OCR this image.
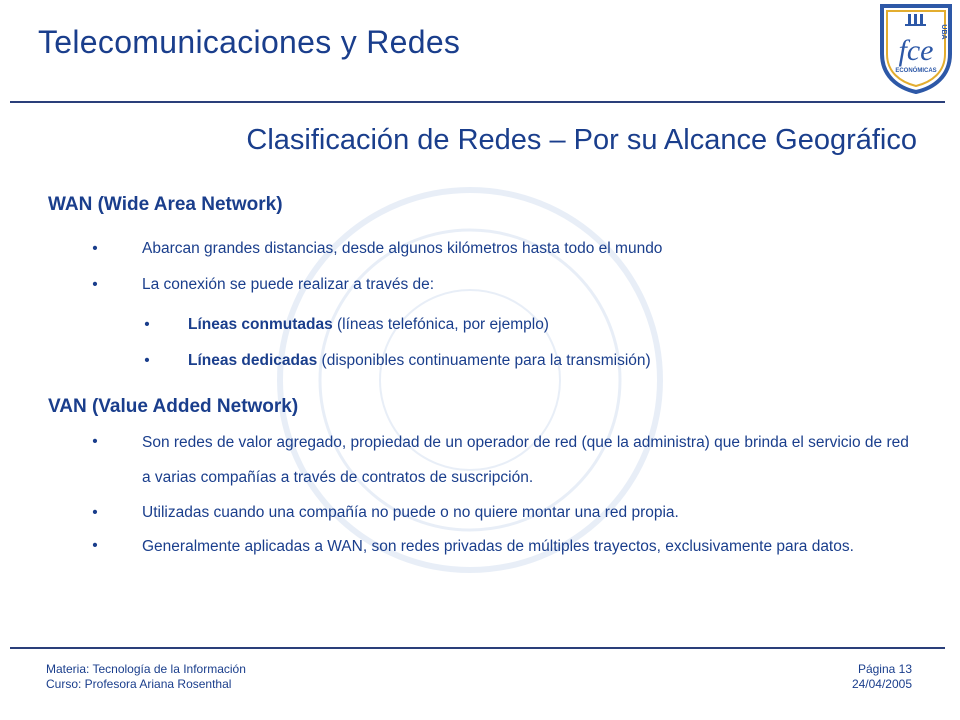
Telecomunicaciones y Redes	UBA
fce
ECONÓMICAS
Clasificación de Redes – Por su Alcance Geográfico
WAN (Wide Area Network)
•	Abarcan grandes distancias, desde algunos kilómetros hasta todo el mundo
•	La conexión se puede realizar a través de:
• Líneas conmutadas (líneas telefónica, por ejemplo)
• Líneas dedicadas (disponibles continuamente para la transmisión)
VAN (Value Added Network)
•	Son redes de valor agregado, propiedad de un operador de red (que la administra) que brinda el servicio de red a varias compañías a través de contratos de suscripción.
•	Utilizadas cuando una compañía no puede o no quiere montar una red propia.
•	Generalmente aplicadas a WAN, son redes privadas de múltiples trayectos, exclusivamente para datos.
Materia: Tecnología de la Información
Curso: Profesora Ariana Rosenthal
Página 13
24/04/2005
